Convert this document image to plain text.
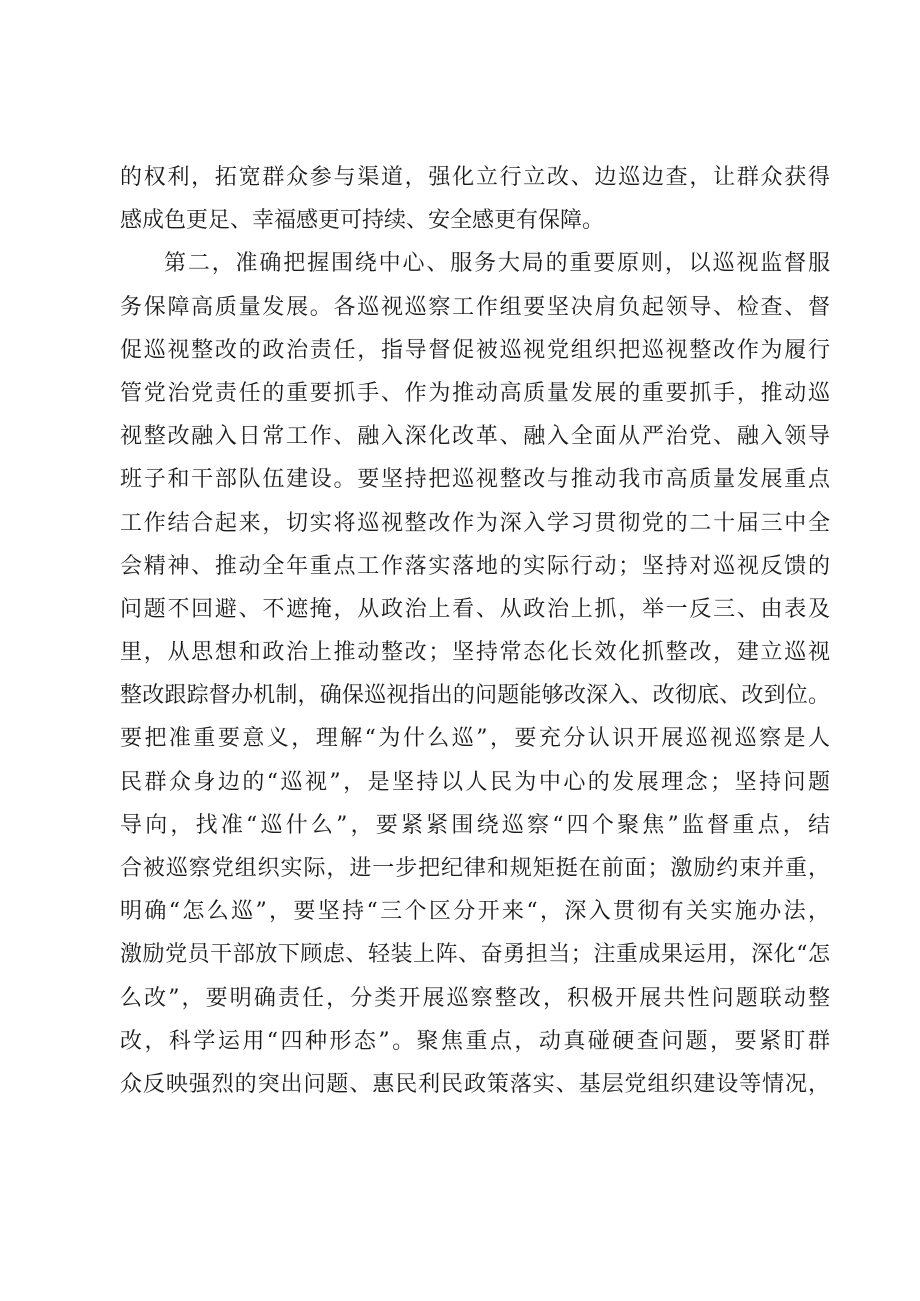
的权利，拓宽群众参与渠道，强化立行立改、边巡边查，让群众获得
感成色更足、幸福感更可持续、安全感更有保障。
第二，准确把握围绕中心、服务大局的重要原则，以巡视监督服
务保障高质量发展。各巡视巡察工作组要坚决肩负起领导、检查、督
促巡视整改的政治责任，指导督促被巡视党组织把巡视整改作为履行
管党治党责任的重要抓手、作为推动高质量发展的重要抓手，推动巡
视整改融入日常工作、融入深化改革、融入全面从严治党、融入领导
班子和干部队伍建设。要坚持把巡视整改与推动我市高质量发展重点
工作结合起来，切实将巡视整改作为深入学习贯彻党的二十届三中全
会精神、推动全年重点工作落实落地的实际行动；坚持对巡视反馈的
问题不回避、不遮掩，从政治上看、从政治上抓，举一反三、由表及
里，从思想和政治上推动整改；坚持常态化长效化抓整改，建立巡视
整改跟踪督办机制，确保巡视指出的问题能够改深入、改彻底、改到位。
要把准重要意义，理解“为什么巡”，要充分认识开展巡视巡察是人
民群众身边的“巡视”，是坚持以人民为中心的发展理念；坚持问题
导向，找准“巡什么”，要紧紧围绕巡察“四个聚焦”监督重点，结
合被巡察党组织实际，进一步把纪律和规矩挺在前面；激励约束并重，
明确“怎么巡”，要坚持“三个区分开来“，深入贯彻有关实施办法，
激励党员干部放下顾虑、轻装上阵、奋勇担当；注重成果运用，深化“怎
么改”，要明确责任，分类开展巡察整改，积极开展共性问题联动整
改，科学运用“四种形态”。聚焦重点，动真碰硬查问题，要紧盯群
众反映强烈的突出问题、惠民利民政策落实、基层党组织建设等情况，
